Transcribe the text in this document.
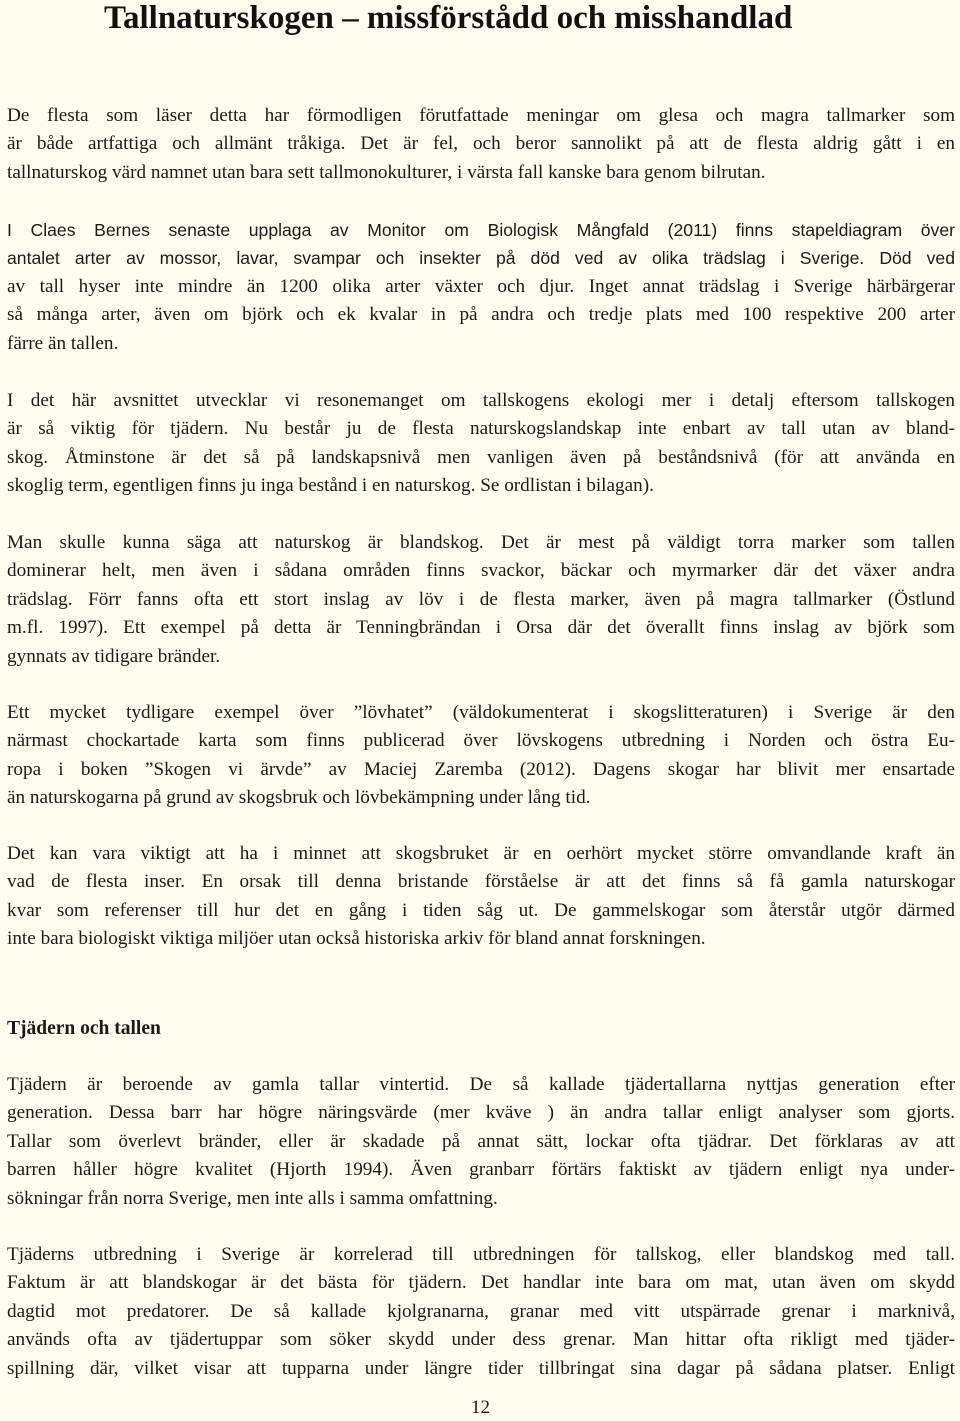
Tallnaturskogen – missförstådd och misshandlad

De flesta som läser detta har förmodligen förutfattade meningar om glesa och magra tallmarker som
är både artfattiga och allmänt tråkiga. Det är fel, och beror sannolikt på att de flesta aldrig gått i en
tallnaturskog värd namnet utan bara sett tallmonokulturer, i värsta fall kanske bara genom bilrutan.

I Claes Bernes senaste upplaga av Monitor om Biologisk Mångfald (2011) finns stapeldiagram över
antalet arter av mossor, lavar, svampar och insekter på död ved av olika trädslag i Sverige. Död ved
av tall hyser inte mindre än 1200 olika arter växter och djur. Inget annat trädslag i Sverige härbärgerar
så många arter, även om björk och ek kvalar in på andra och tredje plats med 100 respektive 200 arter
färre än tallen.

I det här avsnittet utvecklar vi resonemanget om tallskogens ekologi mer i detalj eftersom tallskogen
är så viktig för tjädern. Nu består ju de flesta naturskogslandskap inte enbart av tall utan av bland-
skog. Åtminstone är det så på landskapsnivå men vanligen även på beståndsnivå (för att använda en
skoglig term, egentligen finns ju inga bestånd i en naturskog. Se ordlistan i bilagan).

Man skulle kunna säga att naturskog är blandskog. Det är mest på väldigt torra marker som tallen
dominerar helt, men även i sådana områden finns svackor, bäckar och myrmarker där det växer andra
trädslag. Förr fanns ofta ett stort inslag av löv i de flesta marker, även på magra tallmarker (Östlund
m.fl. 1997). Ett exempel på detta är Tenningbrändan i Orsa där det överallt finns inslag av björk som
gynnats av tidigare bränder.

Ett mycket tydligare exempel över ”lövhatet” (väldokumenterat i skogslitteraturen) i Sverige är den
närmast chockartade karta som finns publicerad över lövskogens utbredning i Norden och östra Eu-
ropa i boken ”Skogen vi ärvde” av Maciej Zaremba (2012). Dagens skogar har blivit mer ensartade
än naturskogarna på grund av skogsbruk och lövbekämpning under lång tid.

Det kan vara viktigt att ha i minnet att skogsbruket är en oerhört mycket större omvandlande kraft än
vad de flesta inser. En orsak till denna bristande förståelse är att det finns så få gamla naturskogar
kvar som referenser till hur det en gång i tiden såg ut. De gammelskogar som återstår utgör därmed
inte bara biologiskt viktiga miljöer utan också historiska arkiv för bland annat forskningen.

Tjädern och tallen

Tjädern är beroende av gamla tallar vintertid. De så kallade tjädertallarna nyttjas generation efter
generation. Dessa barr har högre näringsvärde (mer kväve ) än andra tallar enligt analyser som gjorts.
Tallar som överlevt bränder, eller är skadade på annat sätt, lockar ofta tjädrar. Det förklaras av att
barren håller högre kvalitet (Hjorth 1994). Även granbarr förtärs faktiskt av tjädern enligt nya under-
sökningar från norra Sverige, men inte alls i samma omfattning.

Tjäderns utbredning i Sverige är korrelerad till utbredningen för tallskog, eller blandskog med tall.
Faktum är att blandskogar är det bästa för tjädern. Det handlar inte bara om mat, utan även om skydd
dagtid mot predatorer. De så kallade kjolgranarna, granar med vitt utspärrade grenar i marknivå,
används ofta av tjädertuppar som söker skydd under dess grenar. Man hittar ofta rikligt med tjäder-
spillning där, vilket visar att tupparna under längre tider tillbringat sina dagar på sådana platser. Enligt

12
